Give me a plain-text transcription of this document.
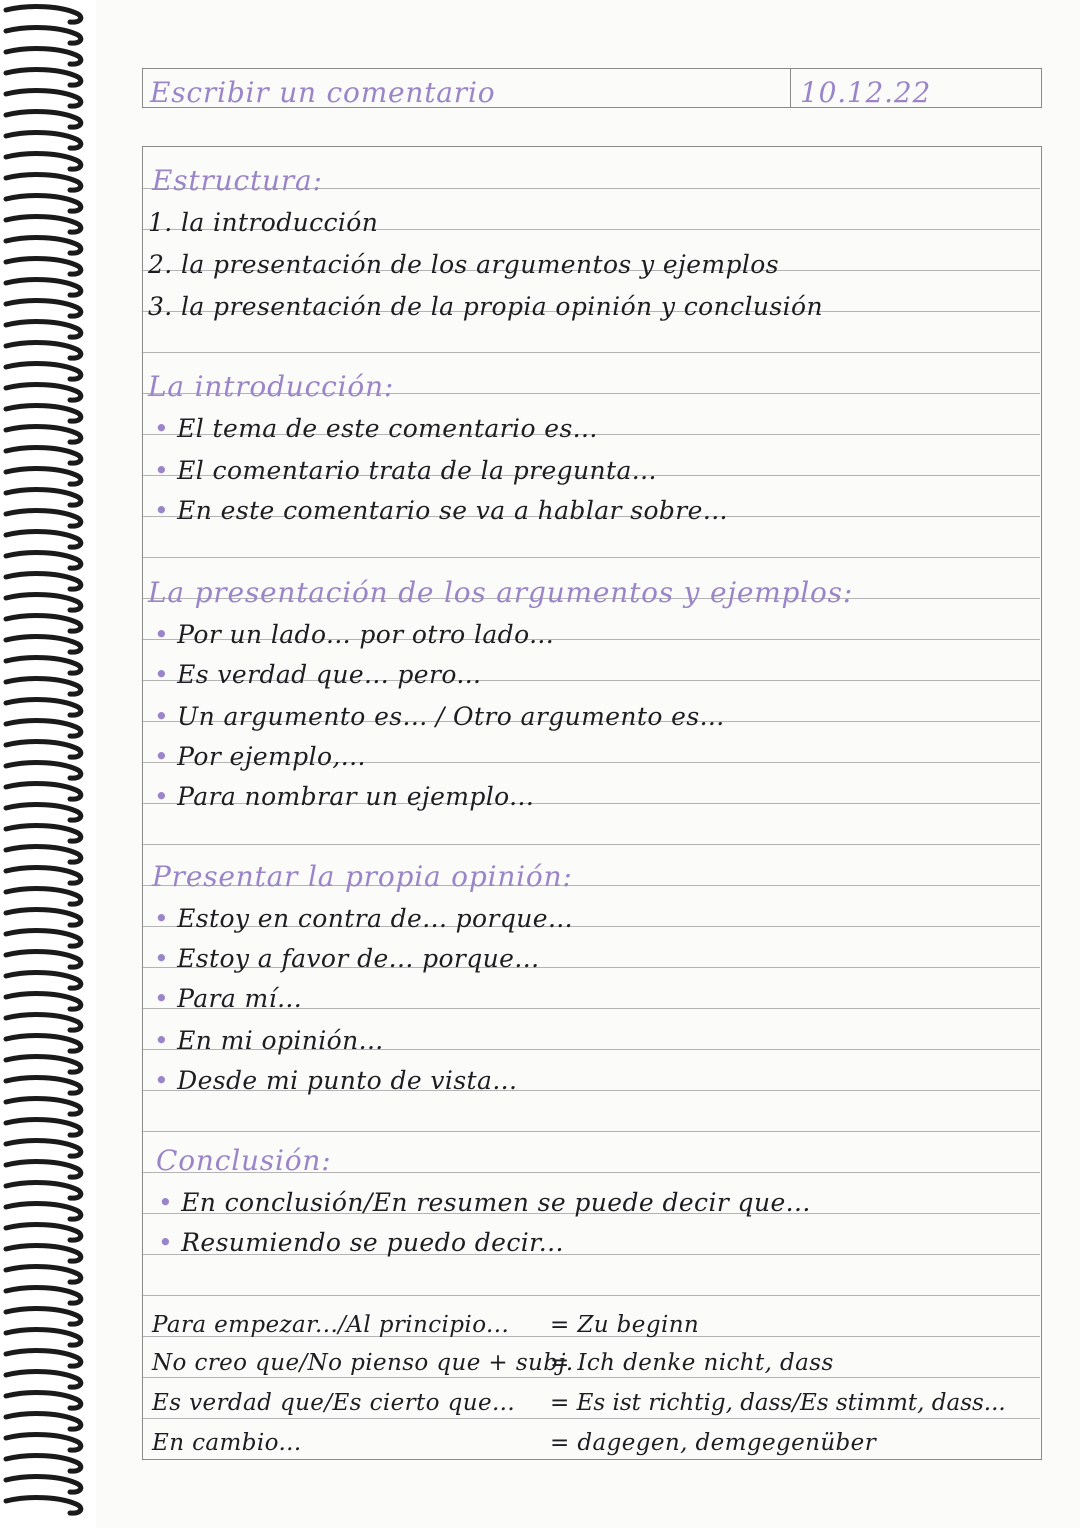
Escribir un comentario	10.12.22
Estructura:
1. la introducción
2. la presentación de los argumentos y ejemplos
3. la presentación de la propia opinión y conclusión
La introducción:
• El tema de este comentario es...
• El comentario trata de la pregunta...
• En este comentario se va a hablar sobre...
La presentación de los argumentos y ejemplos:
• Por un lado... por otro lado...
• Es verdad que... pero...
• Un argumento es... / Otro argumento es...
• Por ejemplo,...
• Para nombrar un ejemplo...
Presentar la propia opinión:
• Estoy en contra de... porque...
• Estoy a favor de... porque...
• Para mí...
• En mi opinión...
• Desde mi punto de vista...
Conclusión:
• En conclusión/En resumen se puede decir que...
• Resumiendo se puedo decir...
Para empezar.../Al principio... = Zu beginn
No creo que/No pienso que + subj.
= Ich denke nicht, dass
Es verdad que/Es cierto que... = Es ist richtig, dass/Es stimmt, dass...
En cambio...	= dagegen, demgegenüber
